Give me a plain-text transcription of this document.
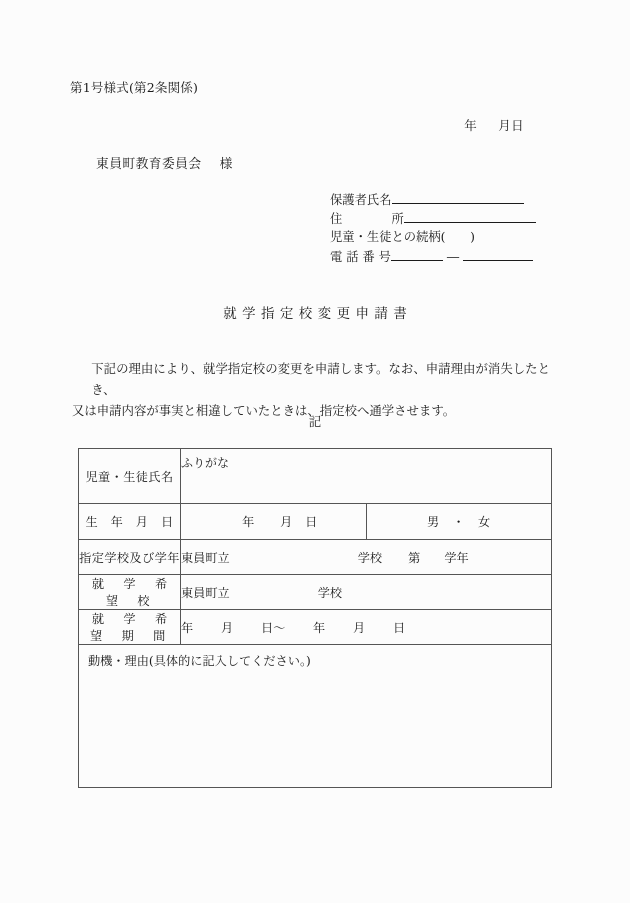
第1号様式(第2条関係)
年 月日
東員町教育委員会 様
保護者氏名
住　　　　所
児童・生徒との続柄(　　)
電 話 番 号	―
就学指定校変更申請書

下記の理由により、就学指定校の変更を申請します。なお、申請理由が消失したとき、

又は申請内容が事実と相違していたときは、指定校へ通学させます。

記
児童・生徒氏名	ふりがな	
生　年　月　日	年 月 日	男 ・ 女
指定学校及び学年	東員町立 学校 第 学年	
就　学　希　望　校	東員町立 学校	
就　学　希　望　期　間	年 月 日～ 年 月 日	
動機・理由(具体的に記入してください。)		
